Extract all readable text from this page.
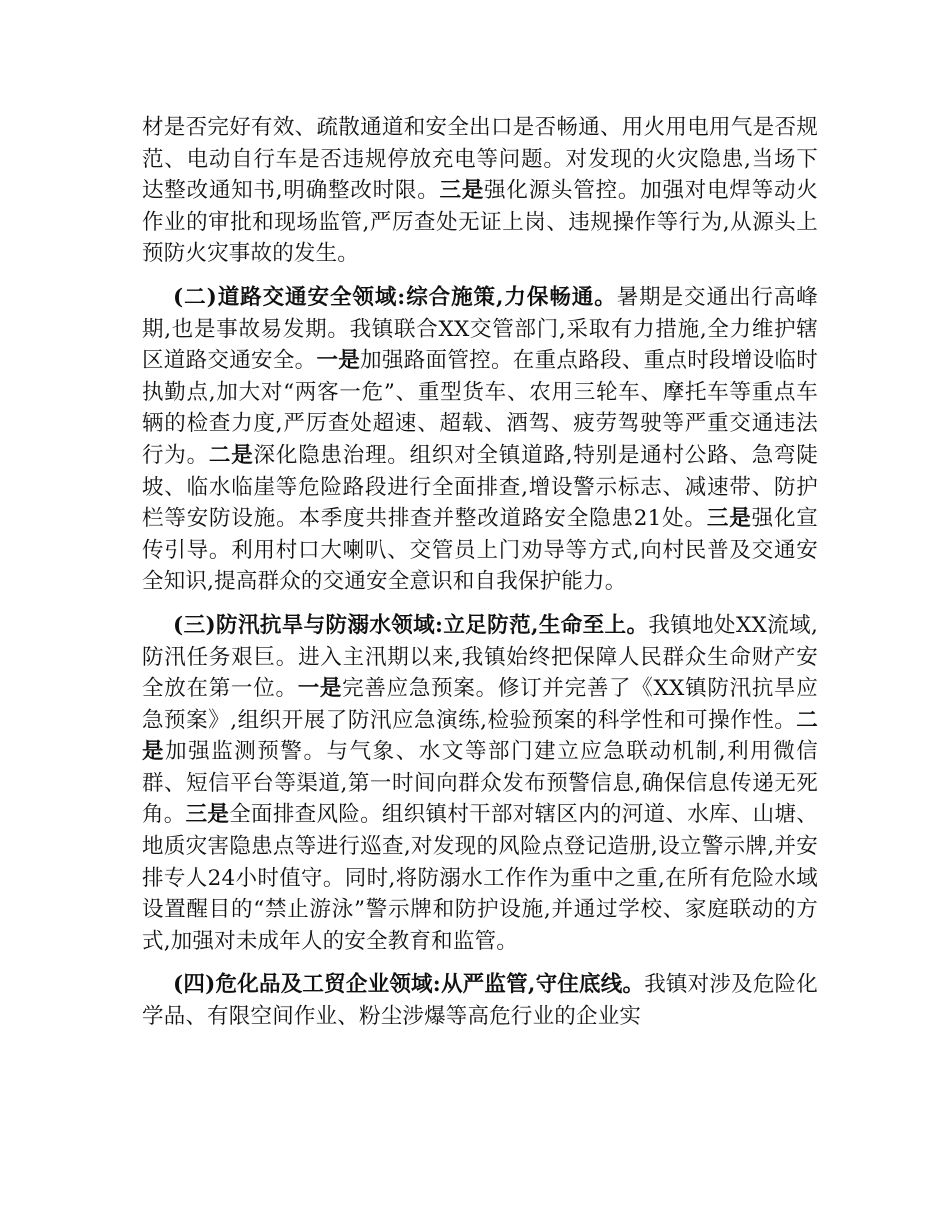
材是否完好有效、疏散通道和安全出口是否畅通、用火用电用气是否规范、电动自行车是否违规停放充电等问题。对发现的火灾隐患,当场下达整改通知书,明确整改时限。三是强化源头管控。加强对电焊等动火作业的审批和现场监管,严厉查处无证上岗、违规操作等行为,从源头上预防火灾事故的发生。

(二)道路交通安全领域:综合施策,力保畅通。暑期是交通出行高峰期,也是事故易发期。我镇联合XX交管部门,采取有力措施,全力维护辖区道路交通安全。一是加强路面管控。在重点路段、重点时段增设临时执勤点,加大对“两客一危”、重型货车、农用三轮车、摩托车等重点车辆的检查力度,严厉查处超速、超载、酒驾、疲劳驾驶等严重交通违法行为。二是深化隐患治理。组织对全镇道路,特别是通村公路、急弯陡坡、临水临崖等危险路段进行全面排查,增设警示标志、减速带、防护栏等安防设施。本季度共排查并整改道路安全隐患21处。三是强化宣传引导。利用村口大喇叭、交管员上门劝导等方式,向村民普及交通安全知识,提高群众的交通安全意识和自我保护能力。

(三)防汛抗旱与防溺水领域:立足防范,生命至上。我镇地处XX流域,防汛任务艰巨。进入主汛期以来,我镇始终把保障人民群众生命财产安全放在第一位。一是完善应急预案。修订并完善了《XX镇防汛抗旱应急预案》,组织开展了防汛应急演练,检验预案的科学性和可操作性。二是加强监测预警。与气象、水文等部门建立应急联动机制,利用微信群、短信平台等渠道,第一时间向群众发布预警信息,确保信息传递无死角。三是全面排查风险。组织镇村干部对辖区内的河道、水库、山塘、地质灾害隐患点等进行巡查,对发现的风险点登记造册,设立警示牌,并安排专人24小时值守。同时,将防溺水工作作为重中之重,在所有危险水域设置醒目的“禁止游泳”警示牌和防护设施,并通过学校、家庭联动的方式,加强对未成年人的安全教育和监管。

(四)危化品及工贸企业领域:从严监管,守住底线。我镇对涉及危险化学品、有限空间作业、粉尘涉爆等高危行业的企业实
